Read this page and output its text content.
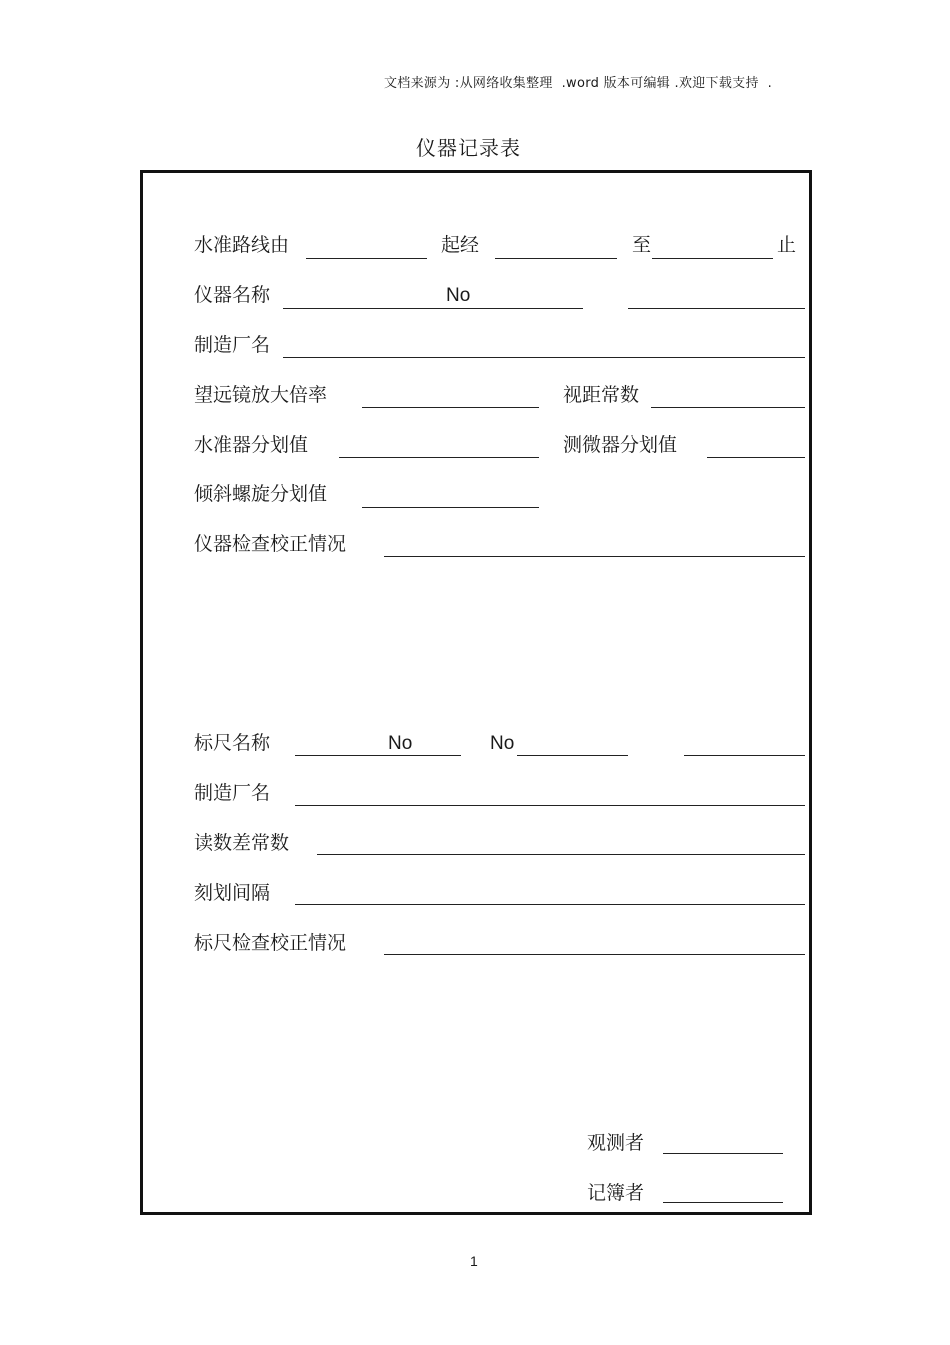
文档来源为 :从网络收集整理  .word 版本可编辑 .欢迎下载支持  .
仪器记录表
水准路线由	起经	至	止
仪器名称	No
制造厂名
望远镜放大倍率	视距常数
水准器分划值	测微器分划值
倾斜螺旋分划值
仪器检查校正情况
标尺名称	No	No
制造厂名
读数差常数
刻划间隔
标尺检查校正情况
观测者
记簿者
1
